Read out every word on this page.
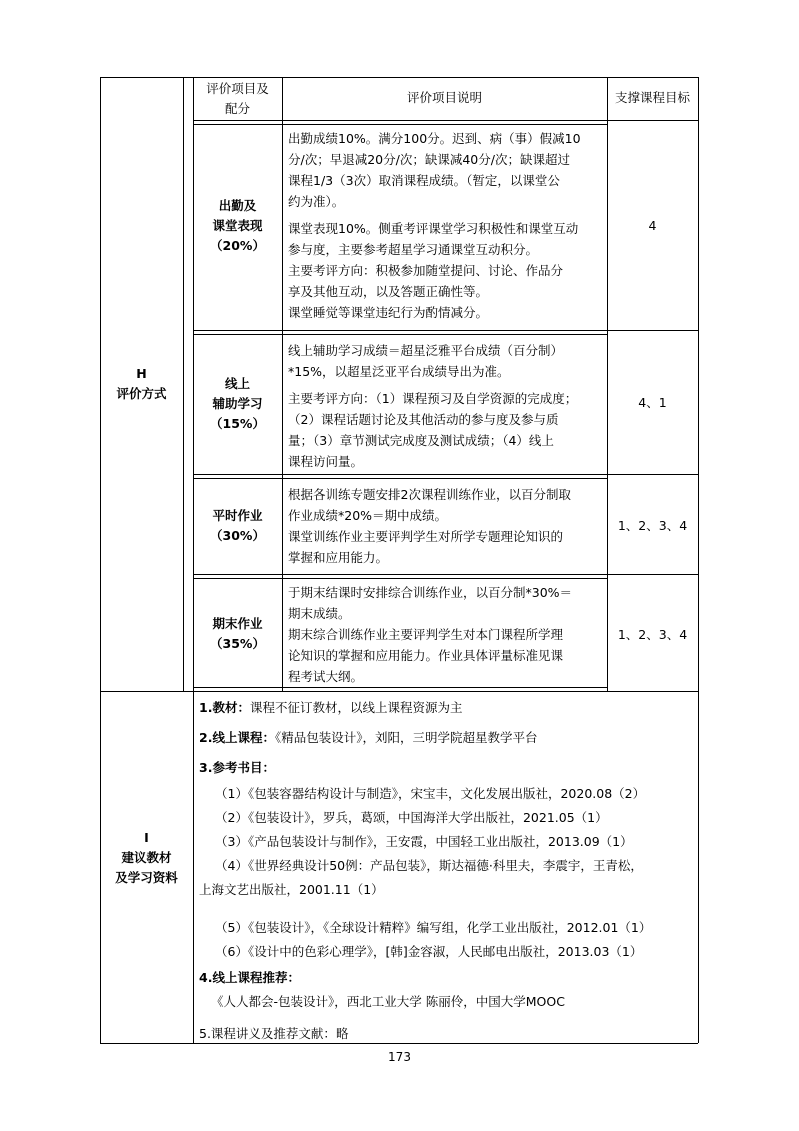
评价项目及
配分
评价项目说明	支撑课程目标
H
评价方式
出勤及
课堂表现
（20%）
出勤成绩10%。满分100分。迟到、病（事）假减10
分/次；早退减20分/次；缺课减40分/次；缺课超过
课程1/3（3次）取消课程成绩。（暂定，以课堂公
约为准）。
课堂表现10%。侧重考评课堂学习积极性和课堂互动
参与度，主要参考超星学习通课堂互动积分。
主要考评方向：积极参加随堂提问、讨论、作品分
享及其他互动，以及答题正确性等。
课堂睡觉等课堂违纪行为酌情减分。
4
线上
辅助学习
（15%）
线上辅助学习成绩＝超星泛雅平台成绩（百分制）
*15%，以超星泛亚平台成绩导出为准。
主要考评方向：（1）课程预习及自学资源的完成度；
（2）课程话题讨论及其他活动的参与度及参与质
量；（3）章节测试完成度及测试成绩；（4）线上
课程访问量。
4、1
平时作业
（30%）
根据各训练专题安排2次课程训练作业，以百分制取
作业成绩*20%＝期中成绩。
课堂训练作业主要评判学生对所学专题理论知识的
掌握和应用能力。
1、2、3、4
期末作业
（35%）
于期末结课时安排综合训练作业，以百分制*30%＝
期末成绩。
期末综合训练作业主要评判学生对本门课程所学理
论知识的掌握和应用能力。作业具体评量标准见课
程考试大纲。
1、2、3、4
I
建议教材
及学习资料
1.教材：课程不征订教材，以线上课程资源为主
2.线上课程：《精品包装设计》，刘阳，三明学院超星教学平台
3.参考书目：
（1）《包装容器结构设计与制造》，宋宝丰，文化发展出版社，2020.08（2）
（2）《包装设计》，罗兵，葛颂，中国海洋大学出版社，2021.05（1）
（3）《产品包装设计与制作》，王安霞，中国轻工业出版社，2013.09（1）
（4）《世界经典设计50例：产品包装》，斯达福德·科里夫，李震宇，王青松，
上海文艺出版社，2001.11（1）
（5）《包装设计》，《全球设计精粹》编写组，化学工业出版社，2012.01（1）
（6）《设计中的色彩心理学》，[韩]金容淑，人民邮电出版社，2013.03（1）
4.线上课程推荐：
《人人都会-包装设计》，西北工业大学 陈丽伶，中国大学MOOC
5.课程讲义及推荐文献：略
173
